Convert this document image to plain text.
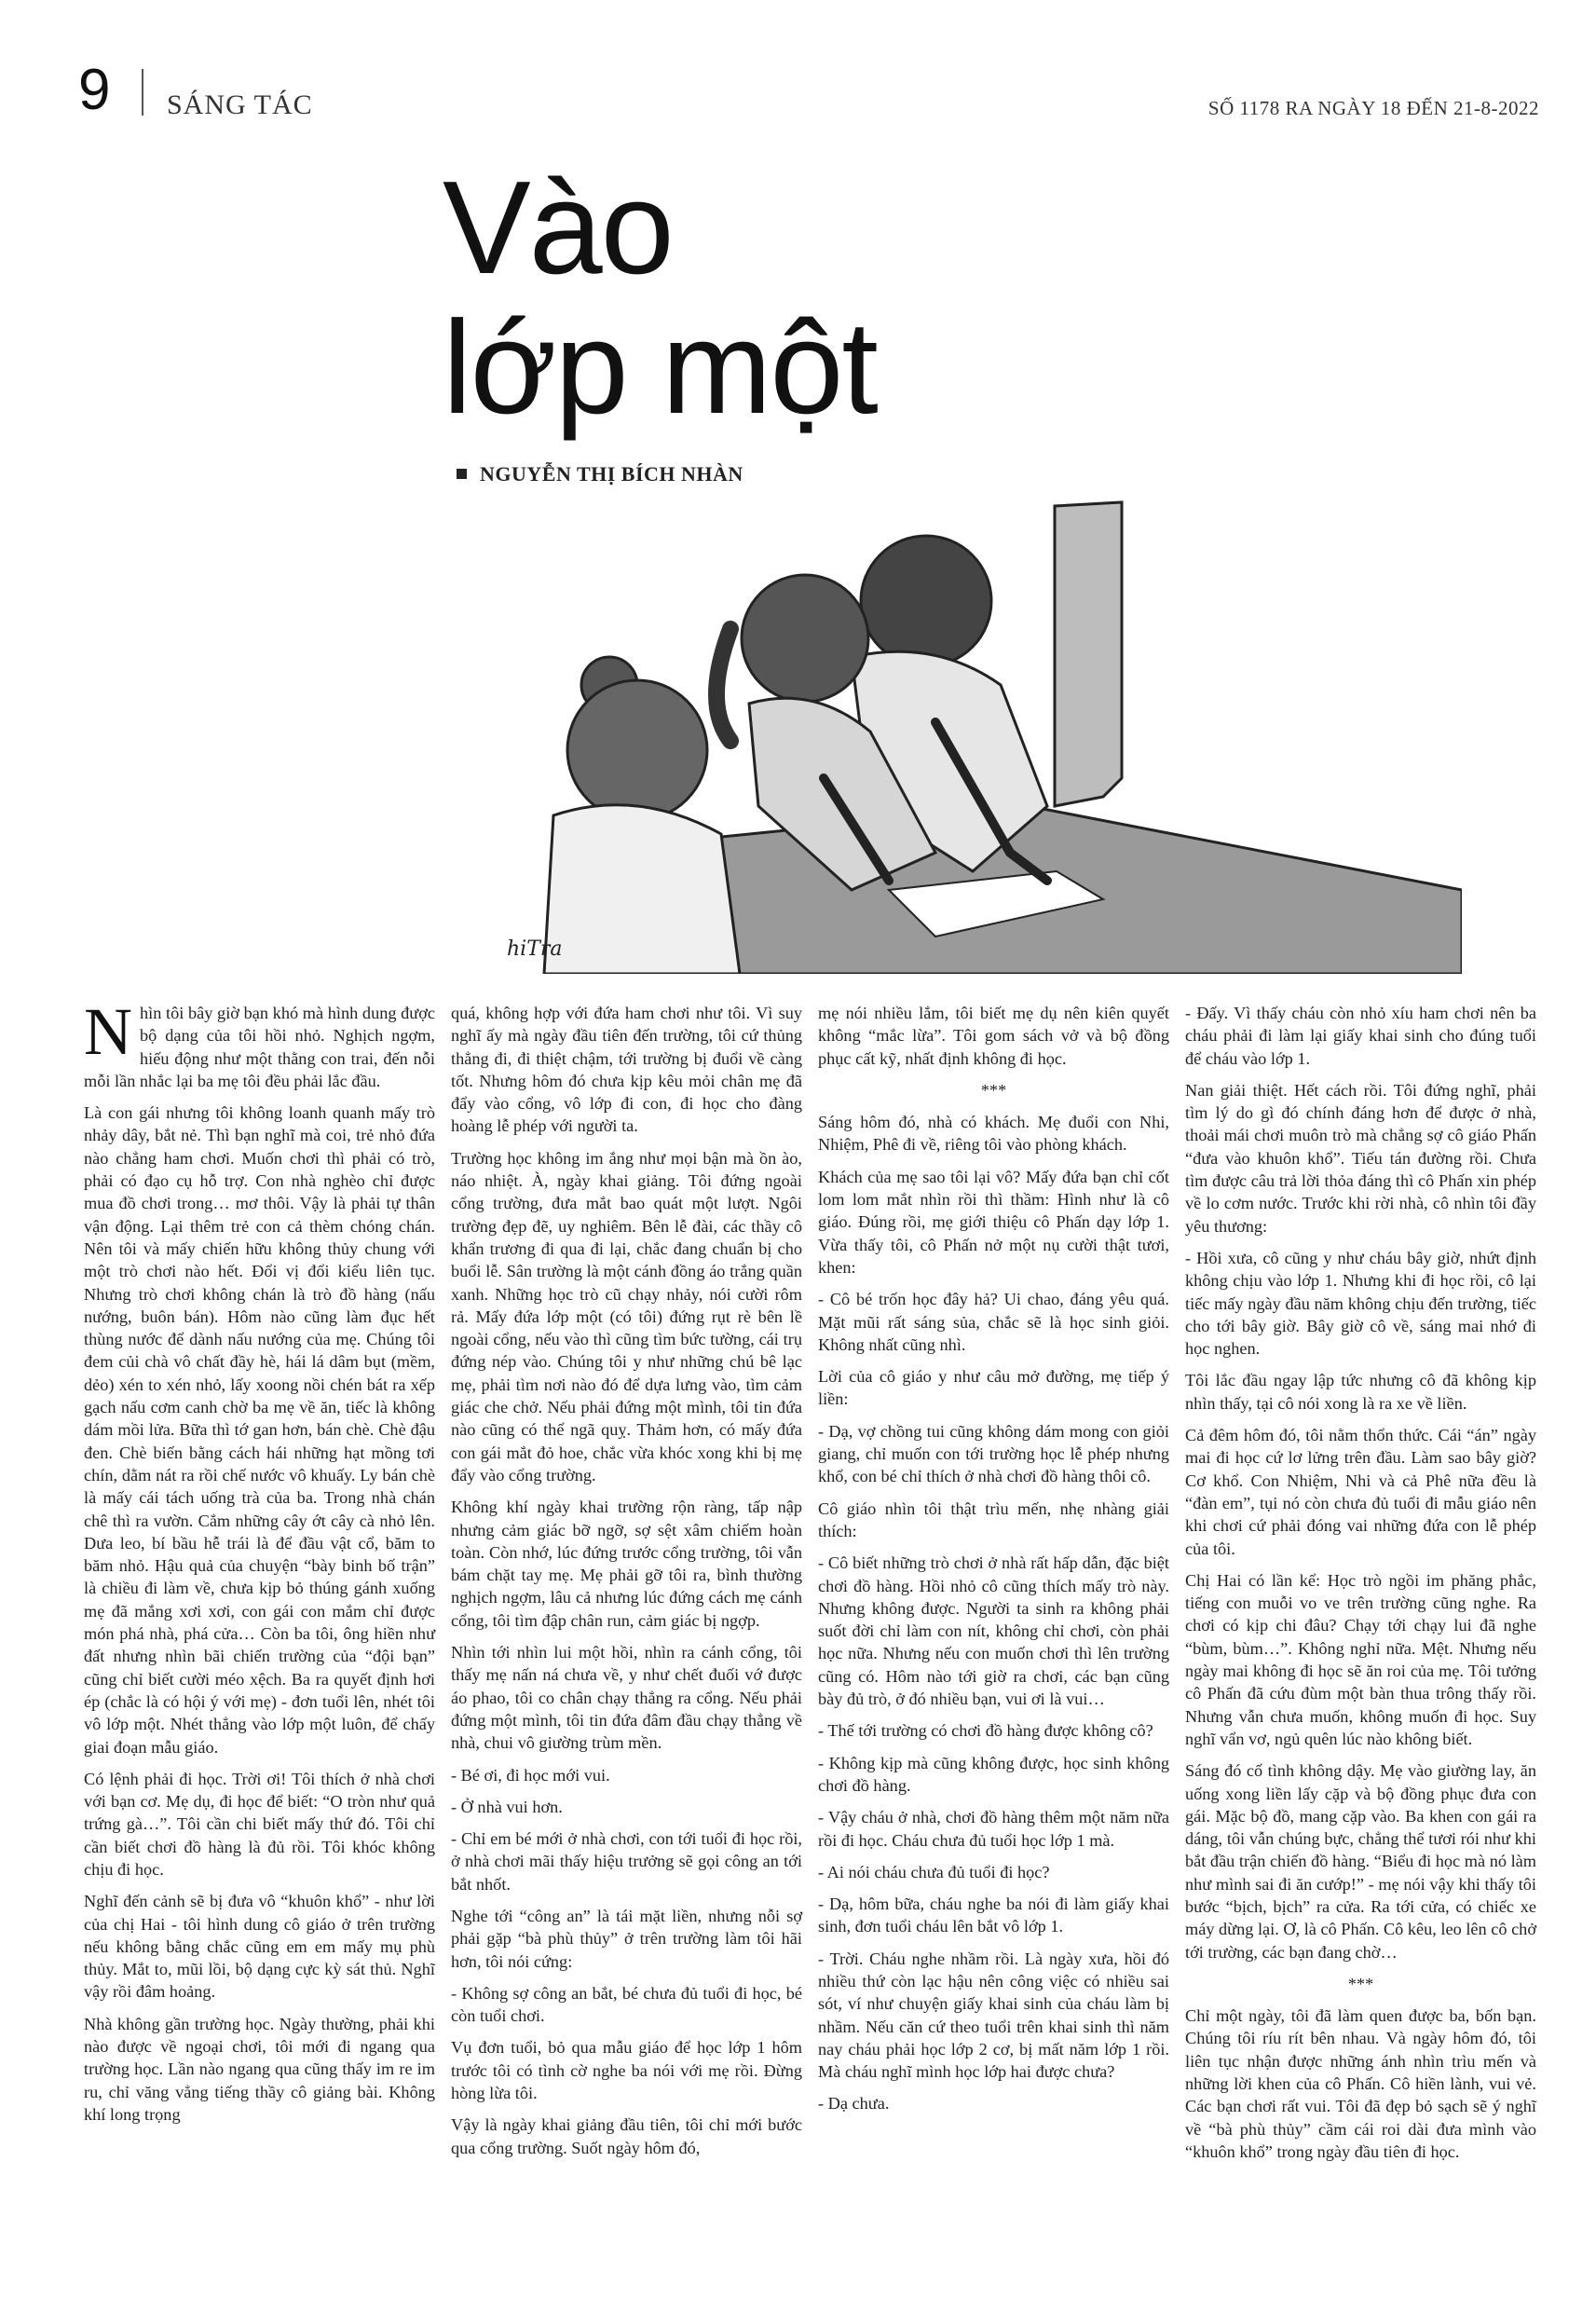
9 SÁNG TÁC	SỐ 1178 RA NGÀY 18 ĐẾN 21-8-2022
Vào
lớp một
NGUYỄN THỊ BÍCH NHÀN
hiTra

Nhìn tôi bây giờ bạn khó mà hình dung được bộ dạng của tôi hồi nhỏ. Nghịch ngợm, hiếu động như một thằng con trai, đến nỗi mỗi lần nhắc lại ba mẹ tôi đều phải lắc đầu.

Là con gái nhưng tôi không loanh quanh mấy trò nhảy dây, bắt nẻ. Thì bạn nghĩ mà coi, trẻ nhỏ đứa nào chẳng ham chơi. Muốn chơi thì phải có trò, phải có đạo cụ hỗ trợ. Con nhà nghèo chỉ được mua đồ chơi trong… mơ thôi. Vậy là phải tự thân vận động. Lại thêm trẻ con cả thèm chóng chán. Nên tôi và mấy chiến hữu không thủy chung với một trò chơi nào hết. Đổi vị đổi kiểu liên tục. Nhưng trò chơi không chán là trò đồ hàng (nấu nướng, buôn bán). Hôm nào cũng làm đục hết thùng nước để dành nấu nướng của mẹ. Chúng tôi đem củi chà vô chất đầy hè, hái lá dâm bụt (mềm, dẻo) xén to xén nhỏ, lấy xoong nồi chén bát ra xếp gạch nấu cơm canh chờ ba mẹ về ăn, tiếc là không dám mồi lửa. Bữa thì tớ gan hơn, bán chè. Chè đậu đen. Chè biến bằng cách hái những hạt mồng tơi chín, dằm nát ra rồi chế nước vô khuấy. Ly bán chè là mấy cái tách uống trà của ba. Trong nhà chán chê thì ra vườn. Cắm những cây ớt cây cà nhỏ lên. Dưa leo, bí bầu hễ trái là để đầu vật cổ, băm to băm nhỏ. Hậu quả của chuyện “bày binh bố trận” là chiều đi làm về, chưa kịp bỏ thúng gánh xuống mẹ đã mắng xơi xơi, con gái con mắm chỉ được món phá nhà, phá cửa… Còn ba tôi, ông hiền như đất nhưng nhìn bãi chiến trường của “đội bạn” cũng chỉ biết cười méo xệch. Ba ra quyết định hơi ép (chắc là có hội ý với mẹ) - đơn tuổi lên, nhét tôi vô lớp một. Nhét thẳng vào lớp một luôn, để chấy giai đoạn mẫu giáo.

Có lệnh phải đi học. Trời ơi! Tôi thích ở nhà chơi với bạn cơ. Mẹ dụ, đi học để biết: “O tròn như quả trứng gà…”. Tôi cần chi biết mấy thứ đó. Tôi chỉ cần biết chơi đồ hàng là đủ rồi. Tôi khóc không chịu đi học.

Nghĩ đến cảnh sẽ bị đưa vô “khuôn khổ” - như lời của chị Hai - tôi hình dung cô giáo ở trên trường nếu không bằng chắc cũng em em mấy mụ phù thủy. Mắt to, mũi lồi, bộ dạng cực kỳ sát thủ. Nghĩ vậy rồi đâm hoảng.

Nhà không gần trường học. Ngày thường, phải khi nào được về ngoại chơi, tôi mới đi ngang qua trường học. Lần nào ngang qua cũng thấy im re im ru, chỉ văng vẳng tiếng thầy cô giảng bài. Không khí long trọng

quá, không hợp với đứa ham chơi như tôi. Vì suy nghĩ ấy mà ngày đầu tiên đến trường, tôi cứ thủng thẳng đi, đi thiệt chậm, tới trường bị đuổi về càng tốt. Nhưng hôm đó chưa kịp kêu mỏi chân mẹ đã đẩy vào cổng, vô lớp đi con, đi học cho đàng hoàng lễ phép với người ta.

Trường học không im ắng như mọi bận mà ồn ào, náo nhiệt. À, ngày khai giảng. Tôi đứng ngoài cổng trường, đưa mắt bao quát một lượt. Ngôi trường đẹp đẽ, uy nghiêm. Bên lễ đài, các thầy cô khẩn trương đi qua đi lại, chắc đang chuẩn bị cho buổi lễ. Sân trường là một cánh đồng áo trắng quần xanh. Những học trò cũ chạy nhảy, nói cười rôm rả. Mấy đứa lớp một (có tôi) đứng rụt rè bên lề ngoài cổng, nếu vào thì cũng tìm bức tường, cái trụ đứng nép vào. Chúng tôi y như những chú bê lạc mẹ, phải tìm nơi nào đó để dựa lưng vào, tìm cảm giác che chở. Nếu phải đứng một mình, tôi tin đứa nào cũng có thể ngã quỵ. Thảm hơn, có mấy đứa con gái mắt đỏ hoe, chắc vừa khóc xong khi bị mẹ đẩy vào cổng trường.

Không khí ngày khai trường rộn ràng, tấp nập nhưng cảm giác bỡ ngỡ, sợ sệt xâm chiếm hoàn toàn. Còn nhớ, lúc đứng trước cổng trường, tôi vẫn bám chặt tay mẹ. Mẹ phải gỡ tôi ra, bình thường nghịch ngợm, lâu cả nhưng lúc đứng cách mẹ cánh cổng, tôi tìm đập chân run, cảm giác bị ngợp.

Nhìn tới nhìn lui một hồi, nhìn ra cánh cổng, tôi thấy mẹ nấn ná chưa về, y như chết đuối vớ được áo phao, tôi co chân chạy thẳng ra cổng. Nếu phải đứng một mình, tôi tin đứa đâm đầu chạy thẳng về nhà, chui vô giường trùm mền.

- Bé ơi, đi học mới vui.

- Ở nhà vui hơn.

- Chỉ em bé mới ở nhà chơi, con tới tuổi đi học rồi, ở nhà chơi mãi thấy hiệu trưởng sẽ gọi công an tới bắt nhốt.

Nghe tới “công an” là tái mặt liền, nhưng nỗi sợ phải gặp “bà phù thủy” ở trên trường làm tôi hãi hơn, tôi nói cứng:

- Không sợ công an bắt, bé chưa đủ tuổi đi học, bé còn tuổi chơi.

Vụ đơn tuổi, bỏ qua mẫu giáo để học lớp 1 hôm trước tôi có tình cờ nghe ba nói với mẹ rồi. Đừng hòng lừa tôi.

Vậy là ngày khai giảng đầu tiên, tôi chỉ mới bước qua cổng trường. Suốt ngày hôm đó,

mẹ nói nhiều lắm, tôi biết mẹ dụ nên kiên quyết không “mắc lừa”. Tôi gom sách vở và bộ đồng phục cất kỹ, nhất định không đi học.

***

Sáng hôm đó, nhà có khách. Mẹ đuổi con Nhi, Nhiệm, Phê đi về, riêng tôi vào phòng khách.

Khách của mẹ sao tôi lại vô? Mấy đứa bạn chỉ cốt lom lom mắt nhìn rồi thì thầm: Hình như là cô giáo. Đúng rồi, mẹ giới thiệu cô Phấn dạy lớp 1. Vừa thấy tôi, cô Phấn nở một nụ cười thật tươi, khen:

- Cô bé trốn học đây hả? Ui chao, đáng yêu quá. Mặt mũi rất sáng sủa, chắc sẽ là học sinh giỏi. Không nhất cũng nhì.

Lời của cô giáo y như câu mở đường, mẹ tiếp ý liền:

- Dạ, vợ chồng tui cũng không dám mong con giỏi giang, chỉ muốn con tới trường học lễ phép nhưng khổ, con bé chỉ thích ở nhà chơi đồ hàng thôi cô.

Cô giáo nhìn tôi thật trìu mến, nhẹ nhàng giải thích:

- Cô biết những trò chơi ở nhà rất hấp dẫn, đặc biệt chơi đồ hàng. Hồi nhỏ cô cũng thích mấy trò này. Nhưng không được. Người ta sinh ra không phải suốt đời chỉ làm con nít, không chỉ chơi, còn phải học nữa. Nhưng nếu con muốn chơi thì lên trường cũng có. Hôm nào tới giờ ra chơi, các bạn cũng bày đủ trò, ở đó nhiều bạn, vui ơi là vui…

- Thế tới trường có chơi đồ hàng được không cô?

- Không kịp mà cũng không được, học sinh không chơi đồ hàng.

- Vậy cháu ở nhà, chơi đồ hàng thêm một năm nữa rồi đi học. Cháu chưa đủ tuổi học lớp 1 mà.

- Ai nói cháu chưa đủ tuổi đi học?

- Dạ, hôm bữa, cháu nghe ba nói đi làm giấy khai sinh, đơn tuổi cháu lên bắt vô lớp 1.

- Trời. Cháu nghe nhầm rồi. Là ngày xưa, hồi đó nhiều thứ còn lạc hậu nên công việc có nhiều sai sót, ví như chuyện giấy khai sinh của cháu làm bị nhầm. Nếu căn cứ theo tuổi trên khai sinh thì năm nay cháu phải học lớp 2 cơ, bị mất năm lớp 1 rồi. Mà cháu nghĩ mình học lớp hai được chưa?

- Dạ chưa.

- Đấy. Vì thấy cháu còn nhỏ xíu ham chơi nên ba cháu phải đi làm lại giấy khai sinh cho đúng tuổi để cháu vào lớp 1.

Nan giải thiệt. Hết cách rồi. Tôi đứng nghĩ, phải tìm lý do gì đó chính đáng hơn để được ở nhà, thoải mái chơi muôn trò mà chẳng sợ cô giáo Phấn “đưa vào khuôn khổ”. Tiếu tán đường rồi. Chưa tìm được câu trả lời thỏa đáng thì cô Phấn xin phép về lo cơm nước. Trước khi rời nhà, cô nhìn tôi đầy yêu thương:

- Hồi xưa, cô cũng y như cháu bây giờ, nhứt định không chịu vào lớp 1. Nhưng khi đi học rồi, cô lại tiếc mấy ngày đầu năm không chịu đến trường, tiếc cho tới bây giờ. Bây giờ cô về, sáng mai nhớ đi học nghen.

Tôi lắc đầu ngay lập tức nhưng cô đã không kịp nhìn thấy, tại cô nói xong là ra xe về liền.

Cả đêm hôm đó, tôi nằm thổn thức. Cái “án” ngày mai đi học cứ lơ lửng trên đầu. Làm sao bây giờ? Cơ khổ. Con Nhiệm, Nhi và cả Phê nữa đều là “đàn em”, tụi nó còn chưa đủ tuổi đi mẫu giáo nên khi chơi cứ phải đóng vai những đứa con lễ phép của tôi.

Chị Hai có lần kể: Học trò ngồi im phăng phắc, tiếng con muỗi vo ve trên trường cũng nghe. Ra chơi có kịp chi đâu? Chạy tới chạy lui đã nghe “bùm, bùm…”. Không nghỉ nữa. Mệt. Nhưng nếu ngày mai không đi học sẽ ăn roi của mẹ. Tôi tưởng cô Phấn đã cứu đùm một bàn thua trông thấy rồi. Nhưng vẫn chưa muốn, không muốn đi học. Suy nghĩ vẩn vơ, ngủ quên lúc nào không biết.

Sáng đó cố tình không dậy. Mẹ vào giường lay, ăn uống xong liền lấy cặp và bộ đồng phục đưa con gái. Mặc bộ đồ, mang cặp vào. Ba khen con gái ra dáng, tôi vẫn chúng bực, chẳng thể tươi rói như khi bắt đầu trận chiến đồ hàng. “Biểu đi học mà nó làm như mình sai đi ăn cướp!” - mẹ nói vậy khi thấy tôi bước “bịch, bịch” ra cửa. Ra tới cửa, có chiếc xe máy dừng lại. Ơ, là cô Phấn. Cô kêu, leo lên cô chở tới trường, các bạn đang chờ…

***

Chỉ một ngày, tôi đã làm quen được ba, bốn bạn. Chúng tôi ríu rít bên nhau. Và ngày hôm đó, tôi liên tục nhận được những ánh nhìn trìu mến và những lời khen của cô Phấn. Cô hiền lành, vui vẻ. Các bạn chơi rất vui. Tôi đã đẹp bỏ sạch sẽ ý nghĩ về “bà phù thủy” cầm cái roi dài đưa mình vào “khuôn khổ” trong ngày đầu tiên đi học.
